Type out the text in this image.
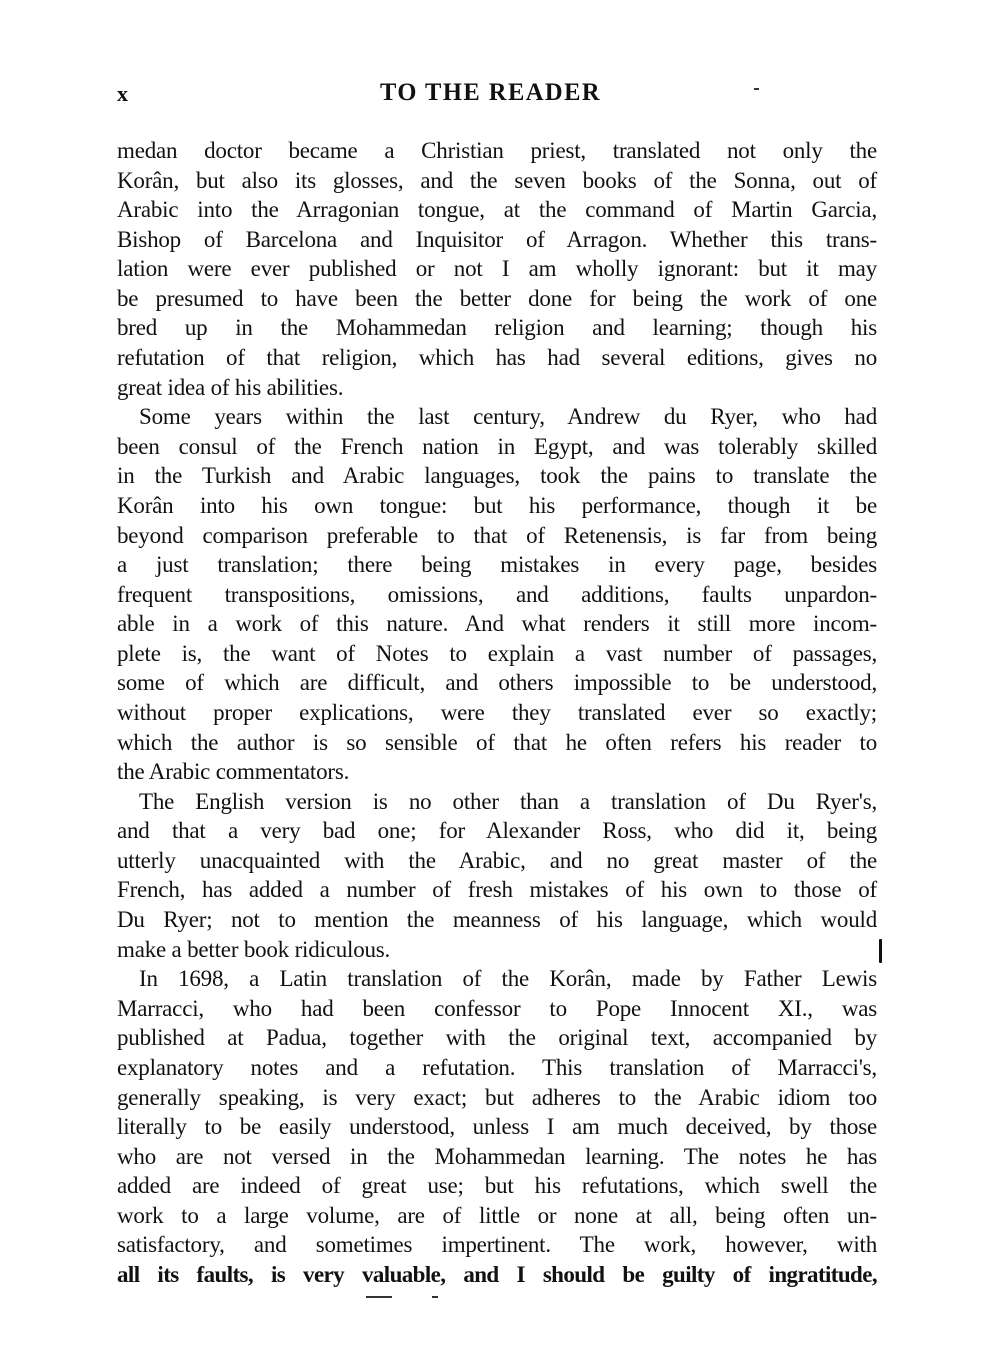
x	TO THE READER
medan doctor became a Christian priest, translated not only the
Korân, but also its glosses, and the seven books of the Sonna, out of
Arabic into the Arragonian tongue, at the command of Martin Garcia,
Bishop of Barcelona and Inquisitor of Arragon. Whether this trans-
lation were ever published or not I am wholly ignorant: but it may
be presumed to have been the better done for being the work of one
bred up in the Mohammedan religion and learning; though his
refutation of that religion, which has had several editions, gives no
great idea of his abilities.
Some years within the last century, Andrew du Ryer, who had
been consul of the French nation in Egypt, and was tolerably skilled
in the Turkish and Arabic languages, took the pains to translate the
Korân into his own tongue: but his performance, though it be
beyond comparison preferable to that of Retenensis, is far from being
a just translation; there being mistakes in every page, besides
frequent transpositions, omissions, and additions, faults unpardon-
able in a work of this nature. And what renders it still more incom-
plete is, the want of Notes to explain a vast number of passages,
some of which are difficult, and others impossible to be understood,
without proper explications, were they translated ever so exactly;
which the author is so sensible of that he often refers his reader to
the Arabic commentators.
The English version is no other than a translation of Du Ryer's,
and that a very bad one; for Alexander Ross, who did it, being
utterly unacquainted with the Arabic, and no great master of the
French, has added a number of fresh mistakes of his own to those of
Du Ryer; not to mention the meanness of his language, which would
make a better book ridiculous.
In 1698, a Latin translation of the Korân, made by Father Lewis
Marracci, who had been confessor to Pope Innocent XI., was
published at Padua, together with the original text, accompanied by
explanatory notes and a refutation. This translation of Marracci's,
generally speaking, is very exact; but adheres to the Arabic idiom too
literally to be easily understood, unless I am much deceived, by those
who are not versed in the Mohammedan learning. The notes he has
added are indeed of great use; but his refutations, which swell the
work to a large volume, are of little or none at all, being often un-
satisfactory, and sometimes impertinent. The work, however, with
all its faults, is very valuable, and I should be guilty of ingratitude,
